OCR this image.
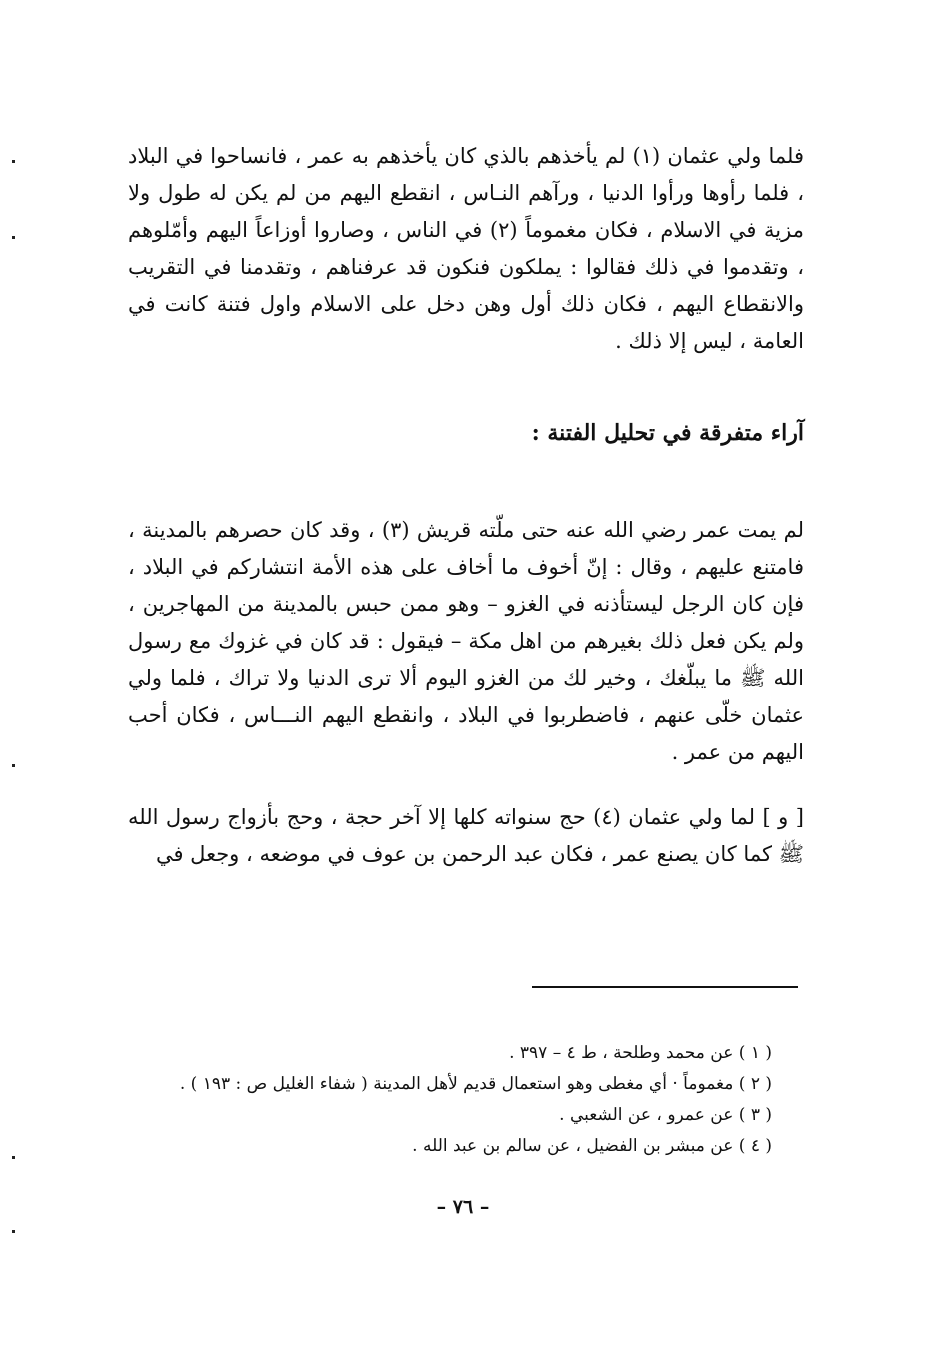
فلما ولي عثمان (١) لم يأخذهم بالذي كان يأخذهم به عمر ، فانساحوا في البلاد ، فلما رأوها ورأوا الدنيا ، ورآهم النـاس ، انقطع اليهم من لم يكن له طول ولا مزية في الاسلام ، فكان مغموماً (٢) في الناس ، وصاروا أوزاعاً اليهم وأمّلوهم ، وتقدموا في ذلك فقالوا : يملكون فنكون قد عرفناهم ، وتقدمنا في التقريب والانقطاع اليهم ، فكان ذلك أول وهن دخل على الاسلام واول فتنة كانت في العامة ، ليس إلا ذلك .

آراء متفرقة في تحليل الفتنة :

لم يمت عمر رضي الله عنه حتى ملّته قريش (٣) ، وقد كان حصرهم بالمدينة ، فامتنع عليهم ، وقال : إنّ أخوف ما أخاف على هذه الأمة انتشاركم في البلاد ، فإن كان الرجل ليستأذنه في الغزو – وهو ممن حبس بالمدينة من المهاجرين ، ولم يكن فعل ذلك بغيرهم من اهل مكة – فيقول : قد كان في غزوك مع رسول الله ﷺ ما يبلّغك ، وخير لك من الغزو اليوم ألا ترى الدنيا ولا تراك ، فلما ولي عثمان خلّى عنهم ، فاضطربوا في البلاد ، وانقطع اليهم النـــاس ، فكان أحب اليهم من عمر .

[ و ] لما ولي عثمان (٤) حج سنواته كلها إلا آخر حجة ، وحج بأزواج رسول الله ﷺ كما كان يصنع عمر ، فكان عبد الرحمن بن عوف في موضعه ، وجعل في

( ١ ) عن محمد وطلحة ، ط ٤ – ٣٩٧ .
( ٢ ) مغموماً · أي مغطى وهو استعمال قديم لأهل المدينة ( شفاء الغليل ص : ١٩٣ ) .
( ٣ ) عن عمرو ، عن الشعبي .
( ٤ ) عن مبشر بن الفضيل ، عن سالم بن عبد الله .
– ٧٦ –
